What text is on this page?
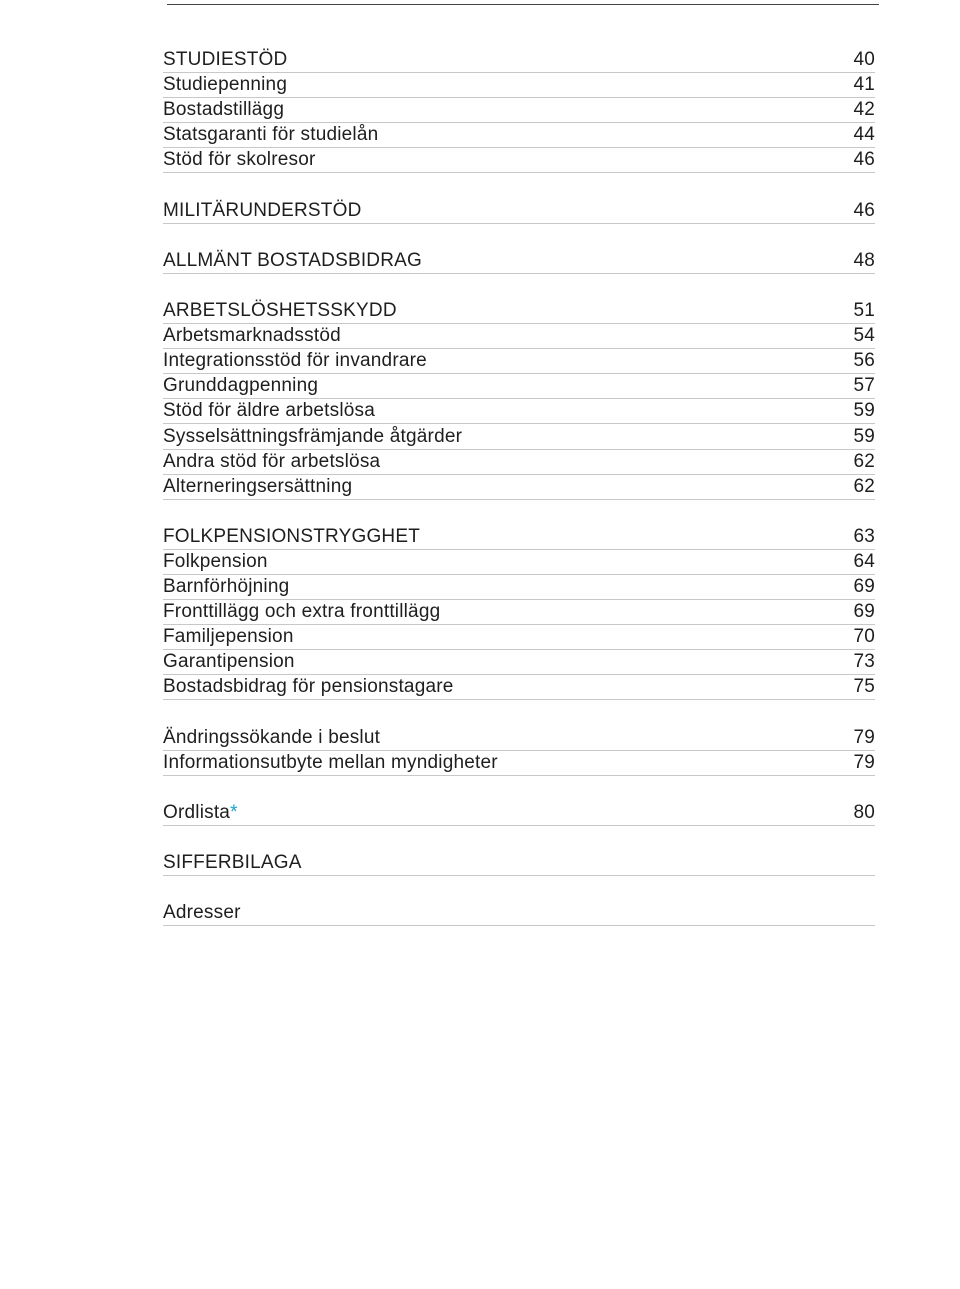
STUDIESTÖD	40
Studiepenning	41
Bostadstillägg	42
Statsgaranti för studielån	44
Stöd för skolresor	46
MILITÄRUNDERSTÖD	46
ALLMÄNT BOSTADSBIDRAG	48
ARBETSLÖSHETSSKYDD	51
Arbetsmarknadsstöd	54
Integrationsstöd för invandrare	56
Grunddagpenning	57
Stöd för äldre arbetslösa	59
Sysselsättningsfrämjande åtgärder	59
Andra stöd för arbetslösa	62
Alterneringsersättning	62
FOLKPENSIONSTRYGGHET	63
Folkpension	64
Barnförhöjning	69
Fronttillägg och extra fronttillägg	69
Familjepension	70
Garantipension	73
Bostadsbidrag för pensionstagare	75
Ändringssökande i beslut	79
Informationsutbyte mellan myndigheter	79
Ordlista*	80
SIFFERBILAGA
Adresser
